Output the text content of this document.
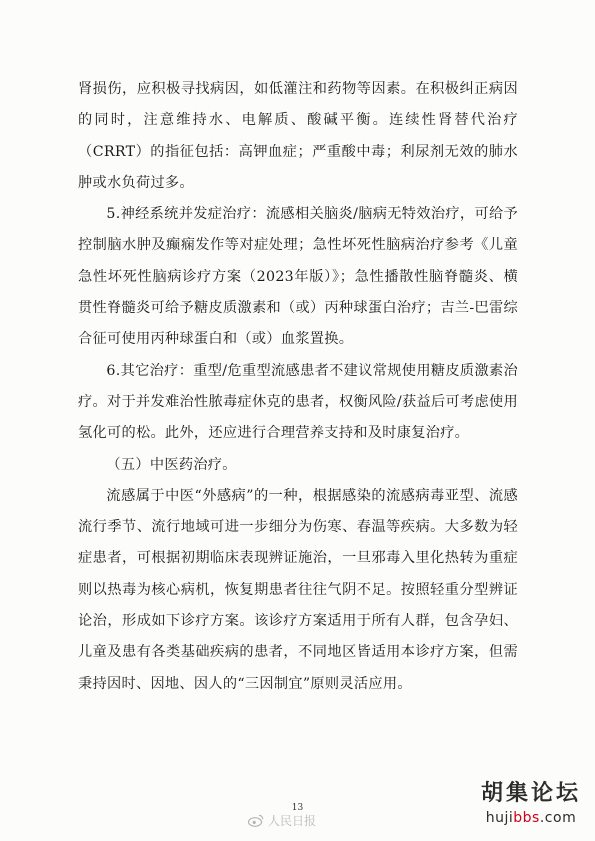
肾损伤，应积极寻找病因，如低灌注和药物等因素。在积极纠正病因的同时，注意维持水、电解质、酸碱平衡。连续性肾替代治疗（CRRT）的指征包括：高钾血症；严重酸中毒；利尿剂无效的肺水肿或水负荷过多。

5.神经系统并发症治疗：流感相关脑炎/脑病无特效治疗，可给予控制脑水肿及癫痫发作等对症处理；急性坏死性脑病治疗参考《儿童急性坏死性脑病诊疗方案（2023年版）》；急性播散性脑脊髓炎、横贯性脊髓炎可给予糖皮质激素和（或）丙种球蛋白治疗；吉兰-巴雷综合征可使用丙种球蛋白和（或）血浆置换。

6.其它治疗：重型/危重型流感患者不建议常规使用糖皮质激素治疗。对于并发难治性脓毒症休克的患者，权衡风险/获益后可考虑使用氢化可的松。此外，还应进行合理营养支持和及时康复治疗。

（五）中医药治疗。

流感属于中医“外感病”的一种，根据感染的流感病毒亚型、流感流行季节、流行地域可进一步细分为伤寒、春温等疾病。大多数为轻症患者，可根据初期临床表现辨证施治，一旦邪毒入里化热转为重症则以热毒为核心病机，恢复期患者往往气阴不足。按照轻重分型辨证论治，形成如下诊疗方案。该诊疗方案适用于所有人群，包含孕妇、儿童及患有各类基础疾病的患者，不同地区皆适用本诊疗方案，但需秉持因时、因地、因人的“三因制宜”原则灵活应用。

13
人民日报
胡集论坛
hujibbs.com
